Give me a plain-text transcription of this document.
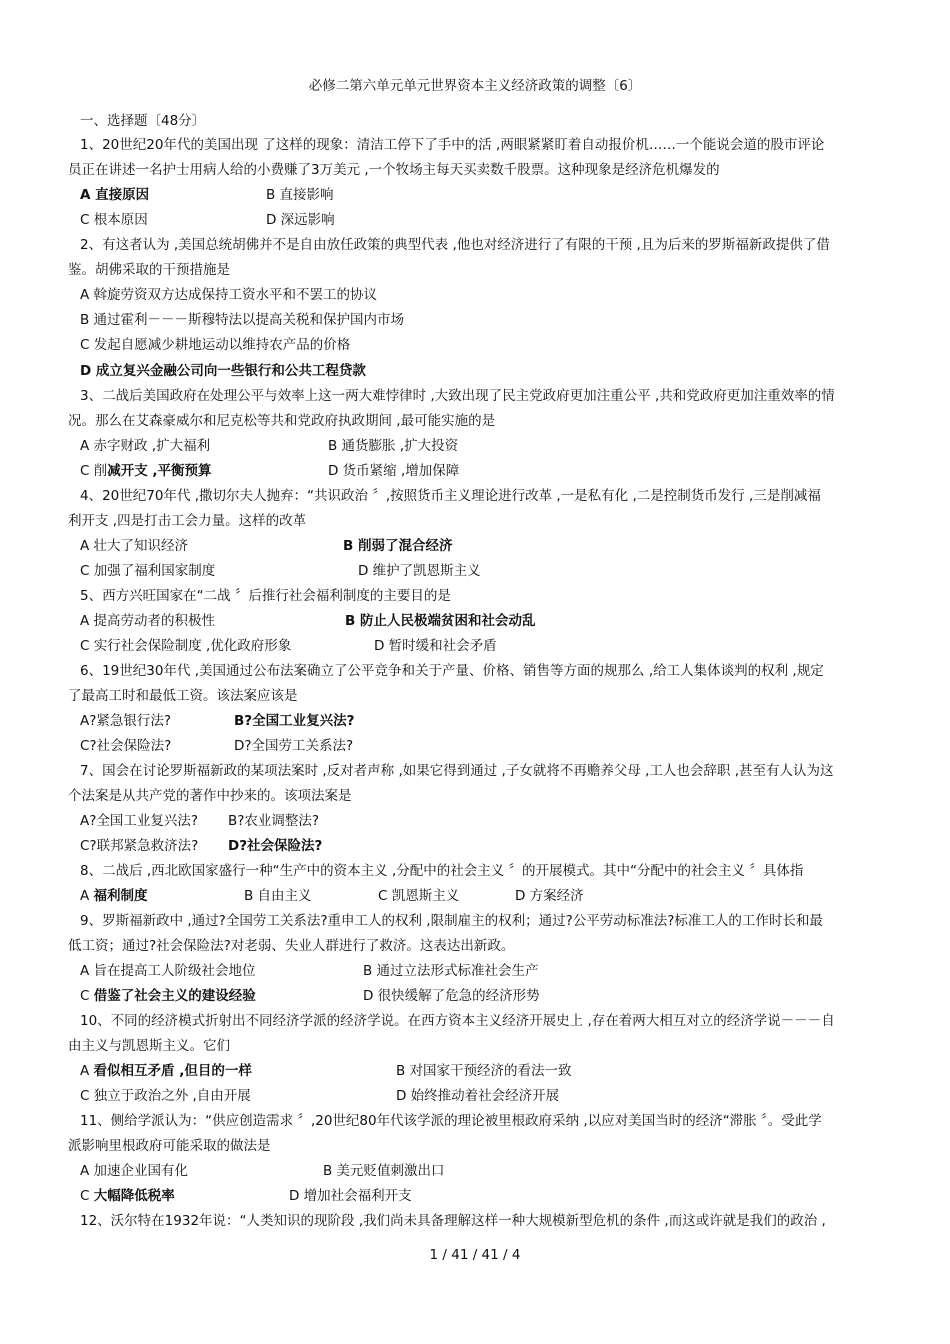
必修二第六单元单元世界资本主义经济政策的调整〔6〕
一、选择题〔48分〕
1、20世纪20年代的美国出现 了这样的现象：清洁工停下了手中的活 ,两眼紧紧盯着自动报价机……一个能说会道的股市评论
员正在讲述一名护士用病人给的小费赚了3万美元 ,一个牧场主每天买卖数千股票。这种现象是经济危机爆发的
A 直接原因	B 直接影响
C 根本原因	D 深远影响
2、有这者认为 ,美国总统胡佛并不是自由放任政策的典型代表 ,他也对经济进行了有限的干预 ,且为后来的罗斯福新政提供了借
鉴。胡佛采取的干预措施是
A 斡旋劳资双方达成保持工资水平和不罢工的协议
B 通过霍利－－－斯穆特法以提高关税和保护国内市场
C 发起自愿减少耕地运动以维持农产品的价格
D 成立复兴金融公司向一些银行和公共工程贷款
3、二战后美国政府在处理公平与效率上这一两大难悖律时 ,大致出现了民主党政府更加注重公平 ,共和党政府更加注重效率的情
况。那么在艾森豪威尔和尼克松等共和党政府执政期间 ,最可能实施的是
A 赤字财政 ,扩大福利	B 通货膨胀 ,扩大投资
C 削减开支 ,平衡预算	D 货币紧缩 ,增加保障
4、20世纪70年代 ,撒切尔夫人抛弃：“共识政治 〞,按照货币主义理论进行改革 ,一是私有化 ,二是控制货币发行 ,三是削减福
利开支 ,四是打击工会力量。这样的改革
A 壮大了知识经济	B 削弱了混合经济
C 加强了福利国家制度	D 维护了凯恩斯主义
5、西方兴旺国家在“二战 〞后推行社会福利制度的主要目的是
A 提高劳动者的积极性	B 防止人民极端贫困和社会动乱
C 实行社会保险制度 ,优化政府形象	D 暂时缓和社会矛盾
6、19世纪30年代 ,美国通过公布法案确立了公平竞争和关于产量、价格、销售等方面的规那么 ,给工人集体谈判的权利 ,规定
了最高工时和最低工资。该法案应该是
A?紧急银行法?	B?全国工业复兴法?
C?社会保险法?	D?全国劳工关系法?
7、国会在讨论罗斯福新政的某项法案时 ,反对者声称 ,如果它得到通过 ,子女就将不再赡养父母 ,工人也会辞职 ,甚至有人认为这
个法案是从共产党的著作中抄来的。该项法案是
A?全国工业复兴法? B?农业调整法?
C?联邦紧急救济法? D?社会保险法?
8、二战后 ,西北欧国家盛行一种“生产中的资本主义 ,分配中的社会主义 〞的开展模式。其中“分配中的社会主义 〞具体指
A 福利制度	B 自由主义	C 凯恩斯主义	D 方案经济
9、罗斯福新政中 ,通过?全国劳工关系法?重申工人的权利 ,限制雇主的权利；通过?公平劳动标准法?标准工人的工作时长和最
低工资；通过?社会保险法?对老弱、失业人群进行了救济。这表达出新政。
A 旨在提高工人阶级社会地位	B 通过立法形式标准社会生产
C 借鉴了社会主义的建设经验	D 很快缓解了危急的经济形势
10、不同的经济模式折射出不同经济学派的经济学说。在西方资本主义经济开展史上 ,存在着两大相互对立的经济学说－－－自
由主义与凯恩斯主义。它们
A 看似相互矛盾 ,但目的一样	B 对国家干预经济的看法一致
C 独立于政治之外 ,自由开展	D 始终推动着社会经济开展
11、侧给学派认为：“供应创造需求 〞,20世纪80年代该学派的理论被里根政府采纳 ,以应对美国当时的经济“滞胀 〞。受此学
派影响里根政府可能采取的做法是
A 加速企业国有化	B 美元贬值刺激出口
C 大幅降低税率	D 增加社会福利开支
12、沃尔特在1932年说：“人类知识的现阶段 ,我们尚未具备理解这样一种大规模新型危机的条件 ,而这或许就是我们的政治 ,
1 / 41 / 41 / 4
